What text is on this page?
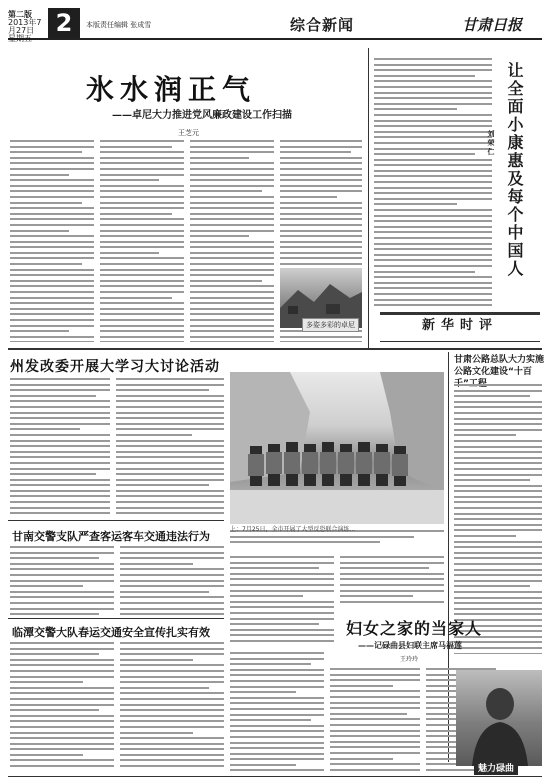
第二版
2013年7月27日
星期五
2	本版责任编辑 张成雪	综合新闻	甘肃日报
氷水润正气
——卓尼大力推进党风廉政建设工作扫描
王芝元
多姿多彩的卓尼
让全面小康惠及每个中国人
刘荣仁
新华时评
州发改委开展大学习大讨论活动
上：7月25日，全市开展了大型反恐联合演练...
甘肃公路总队大力实施公路文化建设“十百
甘南交警支队严查客运客车交通违法行为
临潭交警大队春运交通安全宣传扎实有效	妇女之家的当家人
——记碌曲县妇联主席马福莲
王玲玲
魅力碌曲
